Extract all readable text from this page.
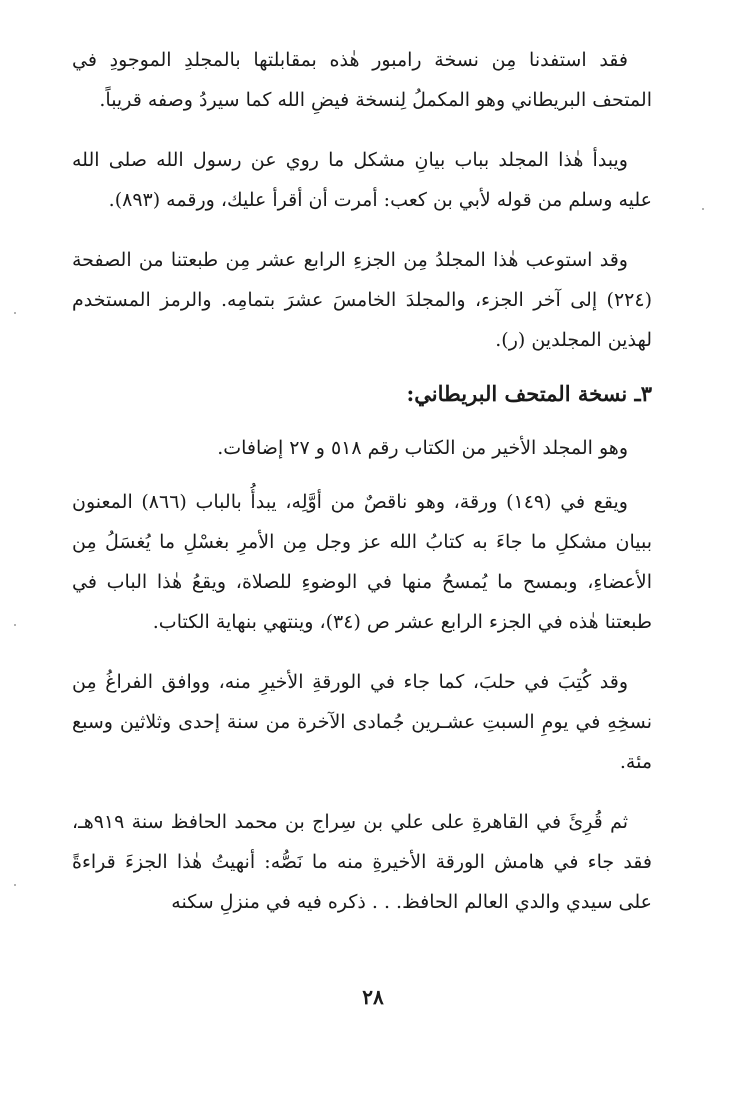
فقد استفدنا مِن نسخة رامبور هٰذه بمقابلتها بالمجلدِ الموجودِ في المتحف البريطاني وهو المكملُ لِنسخة فيضِ الله كما سيردُ وصفه قريباً.

ويبدأ هٰذا المجلد بباب بيانِ مشكل ما روي عن رسول الله صلى الله عليه وسلم من قوله لأبي بن كعب: أمرت أن أقرأ عليك، ورقمه (٨٩٣).

وقد استوعب هٰذا المجلدُ مِن الجزءِ الرابع عشر مِن طبعتنا من الصفحة (٢٢٤) إلى آخر الجزء، والمجلدَ الخامسَ عشرَ بتمامِه. والرمز المستخدم لهذين المجلدين (ر).

٣ـ نسخة المتحف البريطاني:

وهو المجلد الأخير من الكتاب رقم ٥١٨ و ٢٧ إضافات.

ويقع في (١٤٩) ورقة، وهو ناقصٌ من أوَّلِه، يبدأُ بالباب (٨٦٦) المعنون ببيان مشكلِ ما جاءَ به كتابُ الله عز وجل مِن الأمرِ بغسْلِ ما يُغسَلُ مِن الأعضاءِ، وبمسح ما يُمسحُ منها في الوضوءِ للصلاة، ويقعُ هٰذا الباب في طبعتنا هٰذه في الجزء الرابع عشر ص (٣٤)، وينتهي بنهاية الكتاب.

وقد كُتِبَ في حلبَ، كما جاء في الورقةِ الأخيرِ منه، ووافق الفراغُ مِن نسخِهِ في يومِ السبتِ عشـرين جُمادى الآخرة من سنة إحدى وثلاثين وسبع مئة.

ثم قُرِئَ في القاهرةِ على علي بن سِراج بن محمد الحافظ سنة ٩١٩هـ، فقد جاء في هامش الورقة الأخيرةِ منه ما نَصُّه: أنهيتُ هٰذا الجزءَ قراءةً على سيدي والدي العالم الحافظ. . . ذكره فيه في منزلِ سكنه

٢٨
